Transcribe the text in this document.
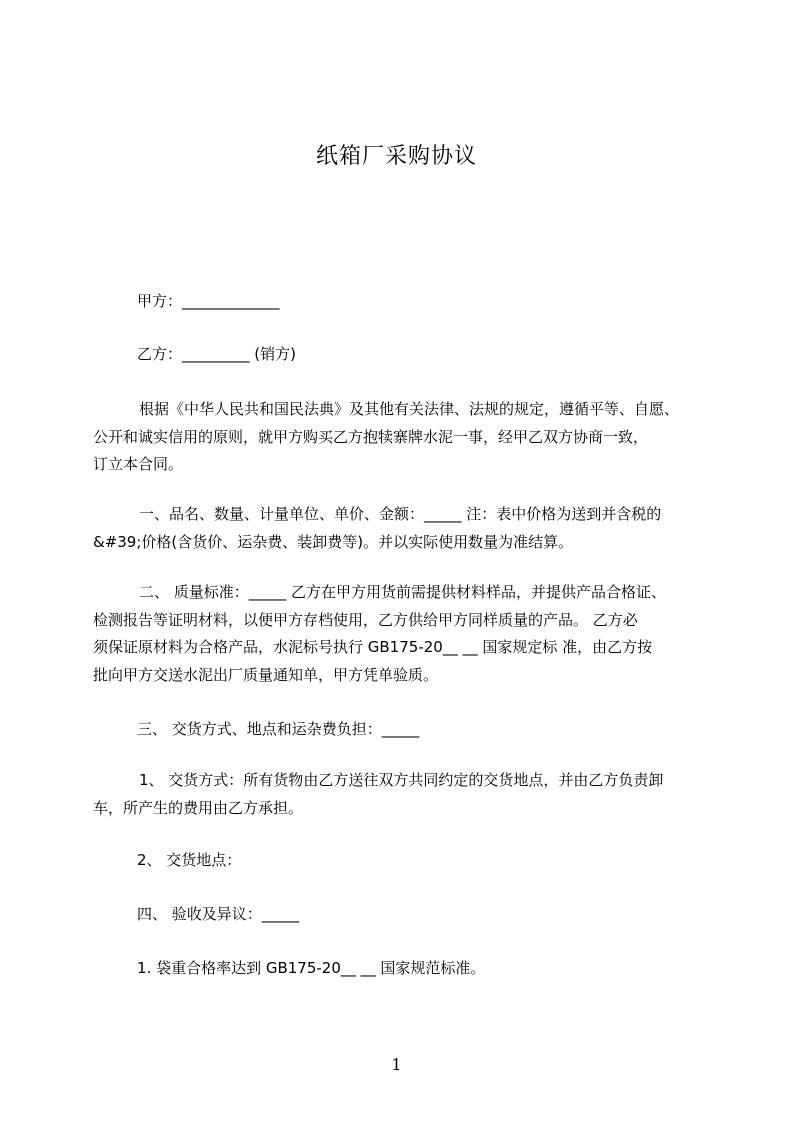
纸箱厂采购协议
甲方：_____________
乙方：_________ (销方)
根据《中华人民共和国民法典》及其他有关法律、法规的规定，遵循平等、自愿、
公开和诚实信用的原则，就甲方购买乙方抱犊寨牌水泥一事，经甲乙双方协商一致，
订立本合同。
一、品名、数量、计量单位、单价、金额：_____ 注：表中价格为送到并含税的
&#39;价格(含货价、运杂费、装卸费等)。并以实际使用数量为准结算。
二、 质量标准：_____ 乙方在甲方用货前需提供材料样品，并提供产品合格证、
检测报告等证明材料，以便甲方存档使用，乙方供给甲方同样质量的产品。 乙方必
须保证原材料为合格产品，水泥标号执行 GB175-20__ __ 国家规定标 准，由乙方按
批向甲方交送水泥出厂质量通知单，甲方凭单验质。
三、 交货方式、地点和运杂费负担：_____
1、 交货方式：所有货物由乙方送往双方共同约定的交货地点，并由乙方负责卸
车，所产生的费用由乙方承担。
2、 交货地点：
四、 验收及异议：_____
1. 袋重合格率达到 GB175-20__ __ 国家规范标准。
1
